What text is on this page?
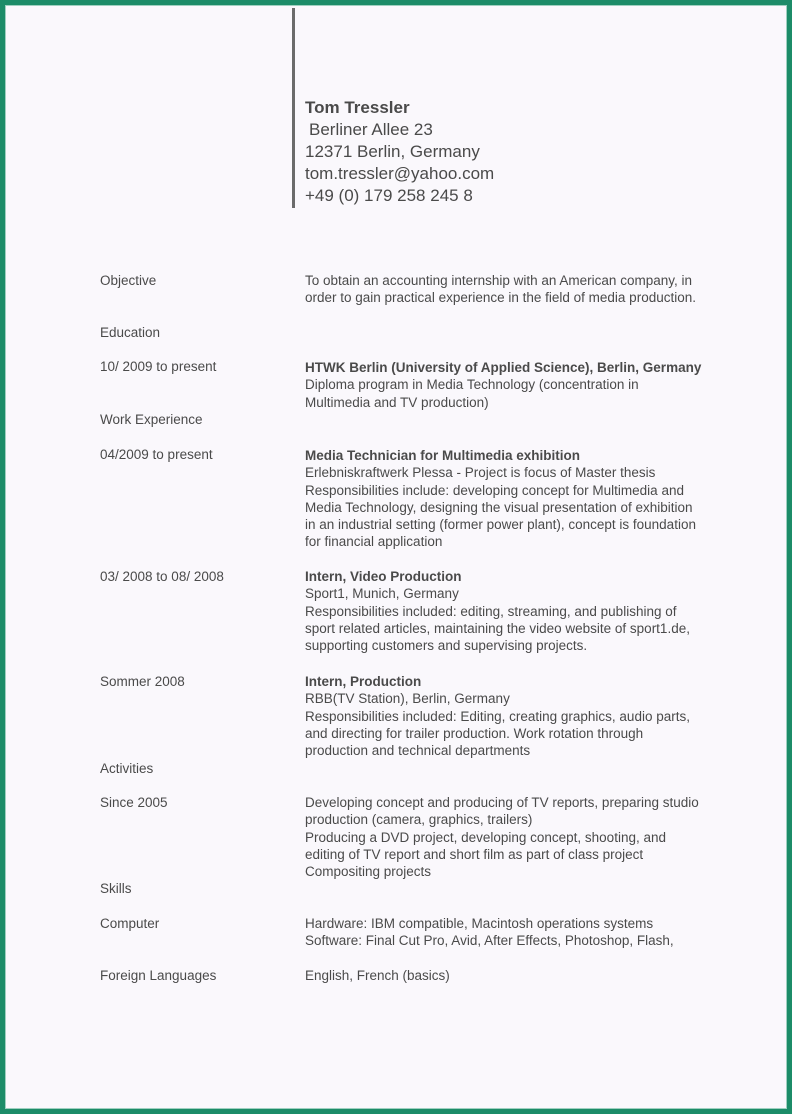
Tom Tressler
Berliner Allee 23
12371 Berlin, Germany
tom.tressler@yahoo.com
+49 (0) 179 258 245 8
Objective	To obtain an accounting internship with an American company, in
order to gain practical experience in the field of media production.
Education
10/ 2009 to present	HTWK Berlin (University of Applied Science), Berlin, Germany
Diploma program in Media Technology (concentration in
Multimedia and TV production)
Work Experience
04/2009 to present	Media Technician for Multimedia exhibition
Erlebniskraftwerk Plessa - Project is focus of Master thesis
Responsibilities include: developing concept for Multimedia and
Media Technology, designing the visual presentation of exhibition
in an industrial setting (former power plant), concept is foundation
for financial application
03/ 2008 to 08/ 2008	Intern, Video Production
Sport1, Munich, Germany
Responsibilities included: editing, streaming, and publishing of
sport related articles, maintaining the video website of sport1.de,
supporting customers and supervising projects.
Sommer 2008	Intern, Production
RBB(TV Station), Berlin, Germany
Responsibilities included: Editing, creating graphics, audio parts,
and directing for trailer production. Work rotation through
production and technical departments
Activities
Since 2005	Developing concept and producing of TV reports, preparing studio
production (camera, graphics, trailers)
Producing a DVD project, developing concept, shooting, and
editing of TV report and short film as part of class project
Compositing projects
Skills
Computer	Hardware: IBM compatible, Macintosh operations systems
Software: Final Cut Pro, Avid, After Effects, Photoshop, Flash,
Foreign Languages	English, French (basics)
